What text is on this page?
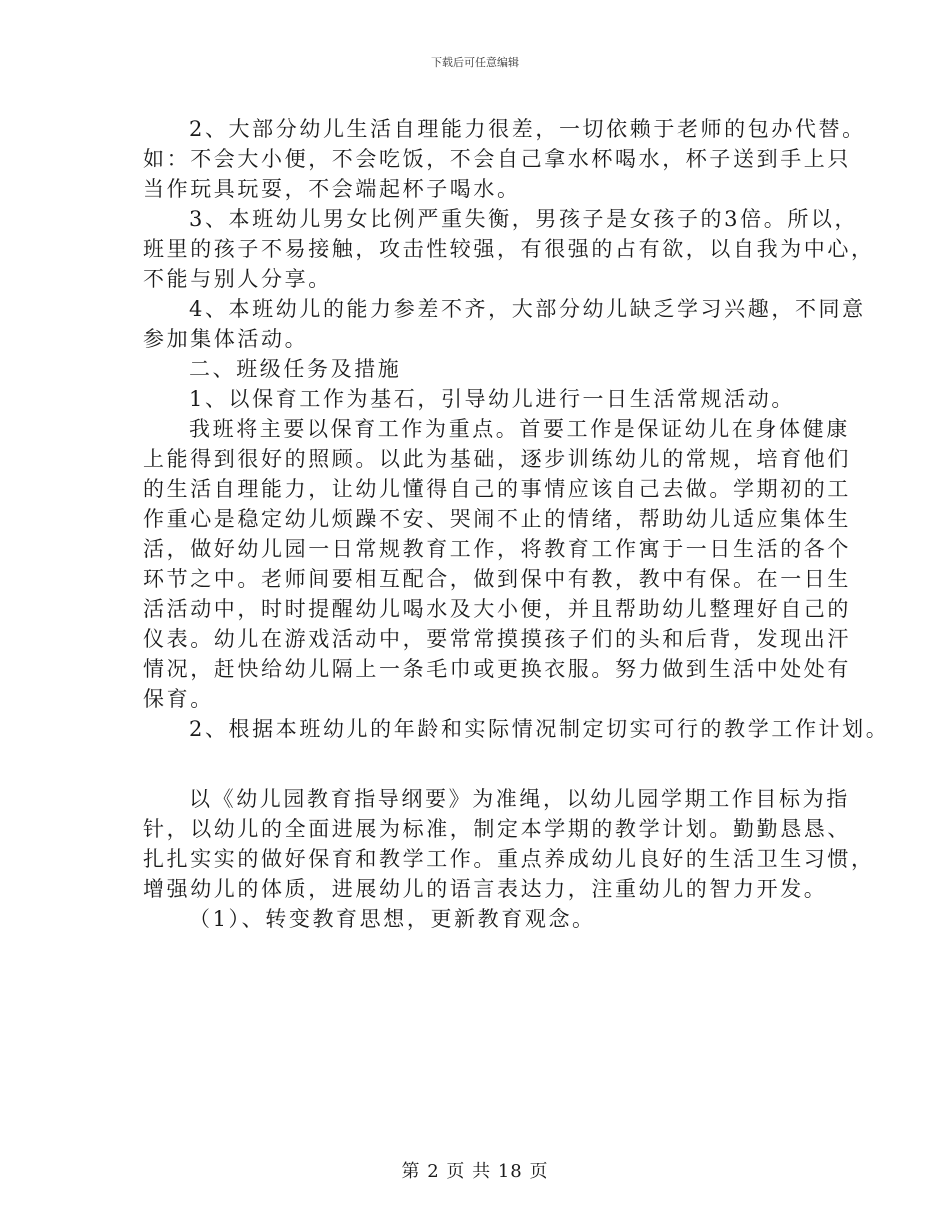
下载后可任意编辑

2、大部分幼儿生活自理能力很差，一切依赖于老师的包办代替。
如：不会大小便，不会吃饭，不会自己拿水杯喝水，杯子送到手上只
当作玩具玩耍，不会端起杯子喝水。
3、本班幼儿男女比例严重失衡，男孩子是女孩子的3倍。所以，
班里的孩子不易接触，攻击性较强，有很强的占有欲，以自我为中心，
不能与别人分享。
4、本班幼儿的能力参差不齐，大部分幼儿缺乏学习兴趣，不同意
参加集体活动。
二、班级任务及措施
1、以保育工作为基石，引导幼儿进行一日生活常规活动。
我班将主要以保育工作为重点。首要工作是保证幼儿在身体健康
上能得到很好的照顾。以此为基础，逐步训练幼儿的常规，培育他们
的生活自理能力，让幼儿懂得自己的事情应该自己去做。学期初的工
作重心是稳定幼儿烦躁不安、哭闹不止的情绪，帮助幼儿适应集体生
活，做好幼儿园一日常规教育工作，将教育工作寓于一日生活的各个
环节之中。老师间要相互配合，做到保中有教，教中有保。在一日生
活活动中，时时提醒幼儿喝水及大小便，并且帮助幼儿整理好自己的
仪表。幼儿在游戏活动中，要常常摸摸孩子们的头和后背，发现出汗
情况，赶快给幼儿隔上一条毛巾或更换衣服。努力做到生活中处处有
保育。
2、根据本班幼儿的年龄和实际情况制定切实可行的教学工作计划。
以《幼儿园教育指导纲要》为准绳，以幼儿园学期工作目标为指
针，以幼儿的全面进展为标准，制定本学期的教学计划。勤勤恳恳、
扎扎实实的做好保育和教学工作。重点养成幼儿良好的生活卫生习惯，
增强幼儿的体质，进展幼儿的语言表达力，注重幼儿的智力开发。
（1）、转变教育思想，更新教育观念。

第 2 页 共 18 页
